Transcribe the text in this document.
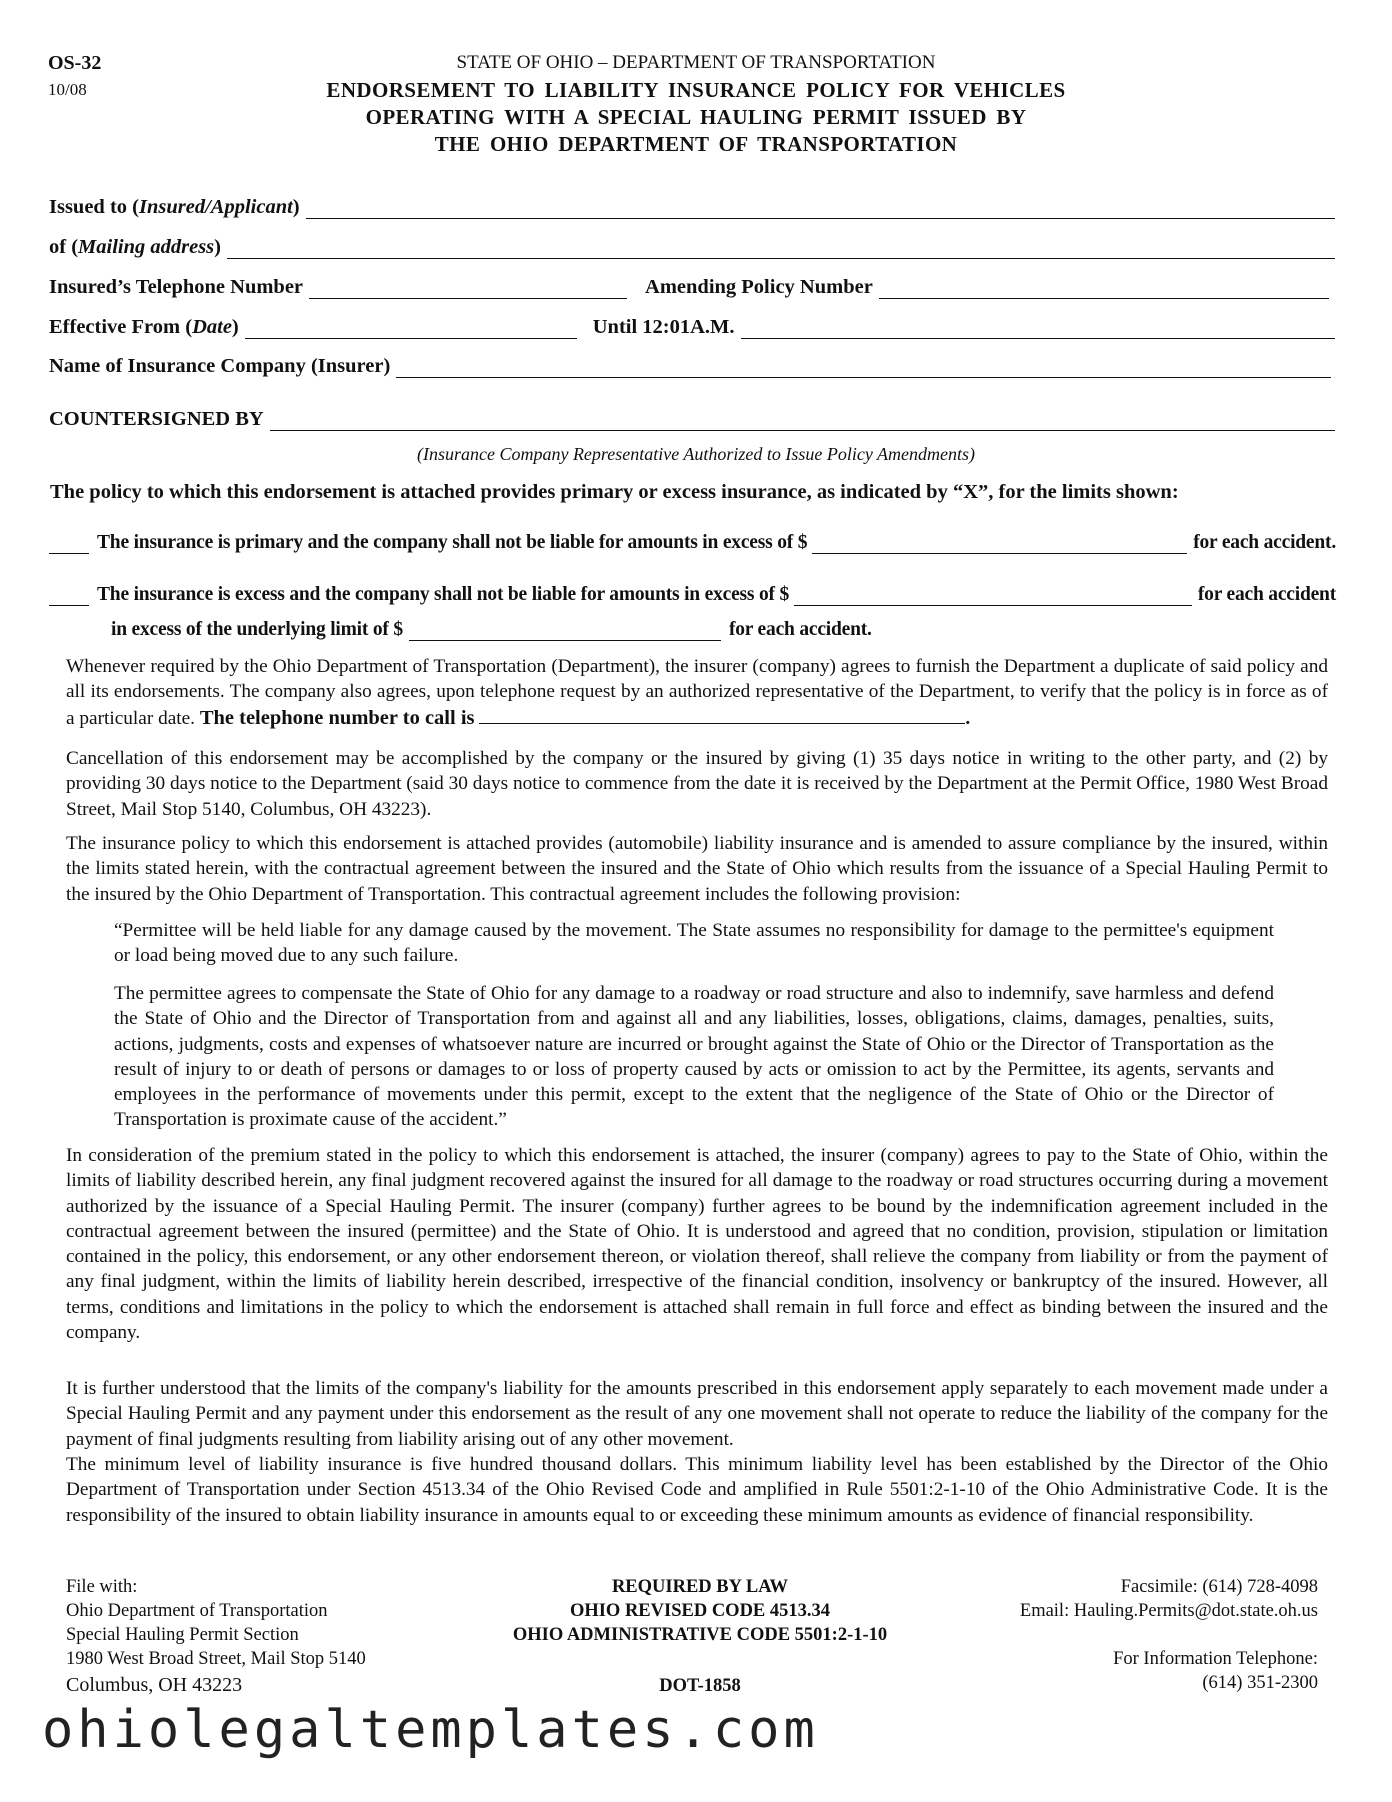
OS-32
10/08
STATE OF OHIO – DEPARTMENT OF TRANSPORTATION
ENDORSEMENT TO LIABILITY INSURANCE POLICY FOR VEHICLES
OPERATING WITH A SPECIAL HAULING PERMIT ISSUED BY
THE OHIO DEPARTMENT OF TRANSPORTATION
Issued to (Insured/Applicant)
of (Mailing address)
Insured’s Telephone Number	Amending Policy Number
Effective From (Date)	Until 12:01A.M.
Name of Insurance Company (Insurer)
COUNTERSIGNED BY
(Insurance Company Representative Authorized to Issue Policy Amendments)
The policy to which this endorsement is attached provides primary or excess insurance, as indicated by “X”, for the limits shown:
The insurance is primary and the company shall not be liable for amounts in excess of $	for each accident.
The insurance is excess and the company shall not be liable for amounts in excess of $	for each accident
in excess of the underlying limit of $	for each accident.
Whenever required by the Ohio Department of Transportation (Department), the insurer (company) agrees to furnish the Department a duplicate of said policy and all its endorsements. The company also agrees, upon telephone request by an authorized representative of the Department, to verify that the policy is in force as of a particular date. The telephone number to call is	.
Cancellation of this endorsement may be accomplished by the company or the insured by giving (1) 35 days notice in writing to the other party, and (2) by providing 30 days notice to the Department (said 30 days notice to commence from the date it is received by the Department at the Permit Office, 1980 West Broad Street, Mail Stop 5140, Columbus, OH 43223).
The insurance policy to which this endorsement is attached provides (automobile) liability insurance and is amended to assure compliance by the insured, within the limits stated herein, with the contractual agreement between the insured and the State of Ohio which results from the issuance of a Special Hauling Permit to the insured by the Ohio Department of Transportation. This contractual agreement includes the following provision:
“Permittee will be held liable for any damage caused by the movement. The State assumes no responsibility for damage to the permittee's equipment or load being moved due to any such failure.
The permittee agrees to compensate the State of Ohio for any damage to a roadway or road structure and also to indemnify, save harmless and defend the State of Ohio and the Director of Transportation from and against all and any liabilities, losses, obligations, claims, damages, penalties, suits, actions, judgments, costs and expenses of whatsoever nature are incurred or brought against the State of Ohio or the Director of Transportation as the result of injury to or death of persons or damages to or loss of property caused by acts or omission to act by the Permittee, its agents, servants and employees in the performance of movements under this permit, except to the extent that the negligence of the State of Ohio or the Director of Transportation is proximate cause of the accident.”
In consideration of the premium stated in the policy to which this endorsement is attached, the insurer (company) agrees to pay to the State of Ohio, within the limits of liability described herein, any final judgment recovered against the insured for all damage to the roadway or road structures occurring during a movement authorized by the issuance of a Special Hauling Permit. The insurer (company) further agrees to be bound by the indemnification agreement included in the contractual agreement between the insured (permittee) and the State of Ohio. It is understood and agreed that no condition, provision, stipulation or limitation contained in the policy, this endorsement, or any other endorsement thereon, or violation thereof, shall relieve the company from liability or from the payment of any final judgment, within the limits of liability herein described, irrespective of the financial condition, insolvency or bankruptcy of the insured. However, all terms, conditions and limitations in the policy to which the endorsement is attached shall remain in full force and effect as binding between the insured and the company.
It is further understood that the limits of the company's liability for the amounts prescribed in this endorsement apply separately to each movement made under a Special Hauling Permit and any payment under this endorsement as the result of any one movement shall not operate to reduce the liability of the company for the payment of final judgments resulting from liability arising out of any other movement.
The minimum level of liability insurance is five hundred thousand dollars. This minimum liability level has been established by the Director of the Ohio Department of Transportation under Section 4513.34 of the Ohio Revised Code and amplified in Rule 5501:2-1-10 of the Ohio Administrative Code. It is the responsibility of the insured to obtain liability insurance in amounts equal to or exceeding these minimum amounts as evidence of financial responsibility.
File with:
Ohio Department of Transportation
Special Hauling Permit Section
1980 West Broad Street, Mail Stop 5140
Columbus, OH 43223
REQUIRED BY LAW
OHIO REVISED CODE 4513.34
OHIO ADMINISTRATIVE CODE 5501:2-1-10
DOT-1858
Facsimile: (614) 728-4098
Email: Hauling.Permits@dot.state.oh.us
For Information Telephone:
(614) 351-2300
ohiolegaltemplates.com
